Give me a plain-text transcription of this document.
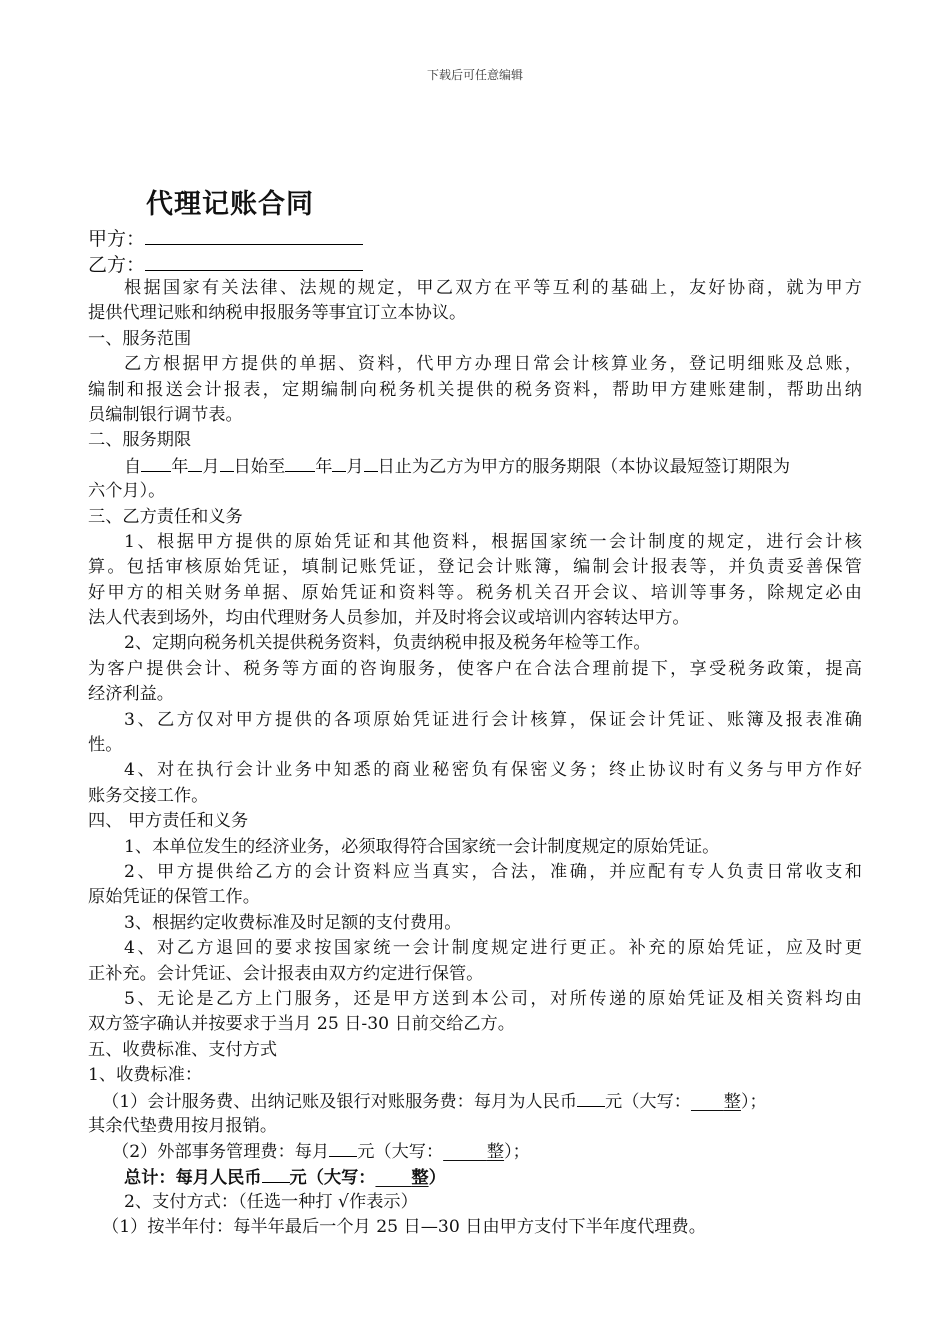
下载后可任意编辑
代理记账合同
甲方：
乙方：
根据国家有关法律、法规的规定，甲乙双方在平等互利的基础上，友好协商，就为甲方
提供代理记账和纳税申报服务等事宜订立本协议。
一、服务范围
乙方根据甲方提供的单据、资料，代甲方办理日常会计核算业务，登记明细账及总账，
编制和报送会计报表，定期编制向税务机关提供的税务资料，帮助甲方建账建制，帮助出纳
员编制银行调节表。
二、服务期限
自 年 月 日始至 年 月 日止为乙方为甲方的服务期限（本协议最短签订期限为
六个月）。
三、乙方责任和义务
1、根据甲方提供的原始凭证和其他资料，根据国家统一会计制度的规定，进行会计核
算。包括审核原始凭证，填制记账凭证，登记会计账簿，编制会计报表等，并负责妥善保管
好甲方的相关财务单据、原始凭证和资料等。税务机关召开会议、培训等事务，除规定必由
法人代表到场外，均由代理财务人员参加，并及时将会议或培训内容转达甲方。
2、定期向税务机关提供税务资料，负责纳税申报及税务年检等工作。
为客户提供会计、税务等方面的咨询服务，使客户在合法合理前提下，享受税务政策，提高
经济利益。
3、乙方仅对甲方提供的各项原始凭证进行会计核算，保证会计凭证、账簿及报表准确
性。
4、对在执行会计业务中知悉的商业秘密负有保密义务；终止协议时有义务与甲方作好
账务交接工作。
四、 甲方责任和义务
1、本单位发生的经济业务，必须取得符合国家统一会计制度规定的原始凭证。
2、甲方提供给乙方的会计资料应当真实，合法，准确，并应配有专人负责日常收支和
原始凭证的保管工作。
3、根据约定收费标准及时足额的支付费用。
4、对乙方退回的要求按国家统一会计制度规定进行更正。补充的原始凭证，应及时更
正补充。会计凭证、会计报表由双方约定进行保管。
5、无论是乙方上门服务，还是甲方送到本公司，对所传递的原始凭证及相关资料均由
双方签字确认并按要求于当月 25 日-30 日前交给乙方。
五、收费标准、支付方式
1、收费标准：
（1）会计服务费、出纳记账及银行对账服务费：每月为人民币 元（大写： 整）；
其余代垫费用按月报销。
（2）外部事务管理费：每月 元（大写：	整）；
总计：每月人民币 元（大写： 整）
2、支付方式：（任选一种打 √作表示）
（1）按半年付：每半年最后一个月 25 日—30 日由甲方支付下半年度代理费。
